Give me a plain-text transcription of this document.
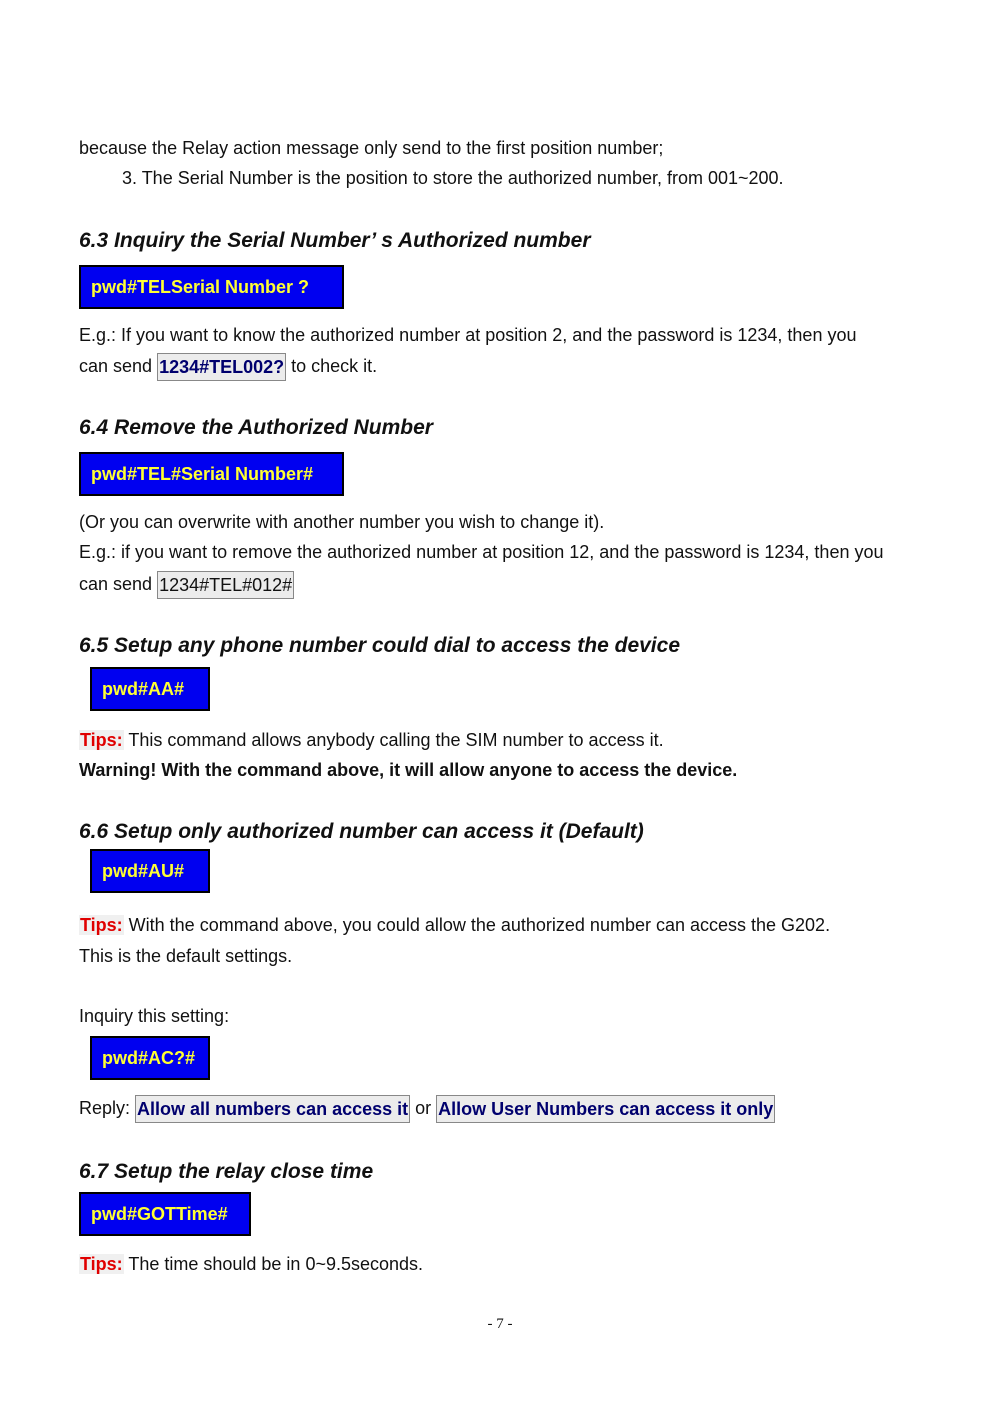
because the Relay action message only send to the first position number;
3. The Serial Number is the position to store the authorized number, from 001~200.
6.3 Inquiry the Serial Number’ s Authorized number
pwd#TELSerial Number ?
E.g.: If you want to know the authorized number at position 2, and the password is 1234, then you
can send 1234#TEL002? to check it.
6.4 Remove the Authorized Number
pwd#TEL#Serial Number#
(Or you can overwrite with another number you wish to change it).
E.g.: if you want to remove the authorized number at position 12, and the password is 1234, then you
can send 1234#TEL#012#
6.5 Setup any phone number could dial to access the device
pwd#AA#
Tips: This command allows anybody calling the SIM number to access it.
Warning! With the command above, it will allow anyone to access the device.
6.6 Setup only authorized number can access it (Default)
pwd#AU#
Tips: With the command above, you could allow the authorized number can access the G202.
This is the default settings.
Inquiry this setting:
pwd#AC?#
Reply: Allow all numbers can access it or Allow User Numbers can access it only
6.7 Setup the relay close time
pwd#GOTTime#
Tips: The time should be in 0~9.5seconds.
- 7 -
